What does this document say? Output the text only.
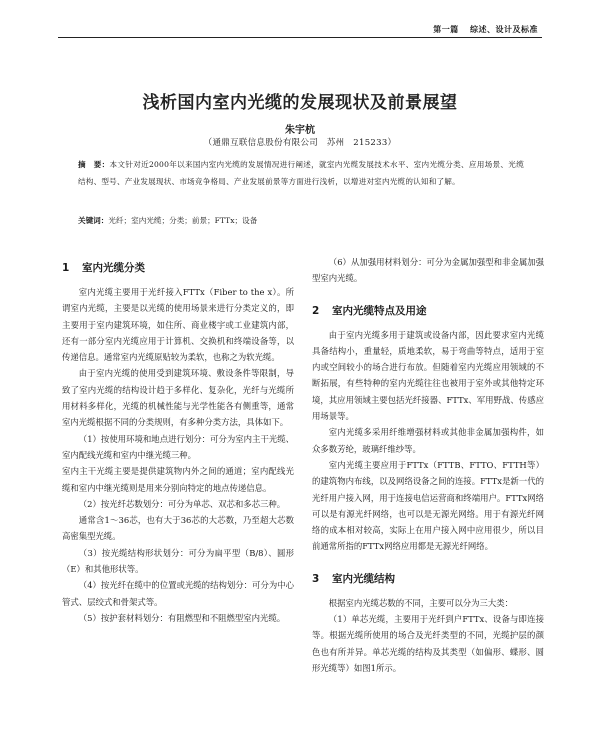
第一篇 综述、设计及标准
浅析国内室内光缆的发展现状及前景展望
朱宇杭
（通鼎互联信息股份有限公司　苏州　215233）
摘　要：本文针对近2000年以来国内室内光缆的发展情况进行阐述，就室内光缆发展技术水平、室内光缆分类、应用场景、光缆结构、型号、产业发展现状、市场竞争格局、产业发展前景等方面进行浅析，以增进对室内光缆的认知和了解。
关键词：光纤；室内光缆；分类；前景；FTTx；设备
1 室内光缆分类

室内光缆主要用于光纤接入FTTx（Fiber to the x）。所谓室内光缆，主要是以光缆的使用场景来进行分类定义的，即主要用于室内建筑环境，如住所、商业楼宇或工业建筑内部，还有一部分室内光缆应用于计算机、交换机和终端设备等，以传递信息。通常室内光缆原贴较为柔软，也称之为软光缆。

由于室内光缆的使用受到建筑环境、敷设条件等限制，导致了室内光缆的结构设计趋于多样化、复杂化，光纤与光缆所用材料多样化，光缆的机械性能与光学性能各有侧重等，通常室内光缆根据不同的分类规则，有多种分类方法，具体如下。

（1）按使用环境和地点进行划分：可分为室内主干光缆、室内配线光缆和室内中继光缆三种。

室内主干光缆主要是提供建筑物内外之间的通道；室内配线光缆和室内中继光缆则是用来分别向特定的地点传递信息。

（2）按光纤芯数划分：可分为单芯、双芯和多芯三种。

通常含1～36芯，也有大于36芯的大芯数，乃至超大芯数高密集型光缆。

（3）按光缆结构形状划分：可分为扁平型（B/8）、圆形（E）和其他形状等。

（4）按光纤在缆中的位置或光缆的结构划分：可分为中心管式、层绞式和骨架式等。

（5）按护套材料划分：有阻燃型和不阻燃型室内光缆。

（6）从加强用材料划分：可分为金属加强型和非金属加强型室内光缆。

2 室内光缆特点及用途

由于室内光缆多用于建筑或设备内部，因此要求室内光缆具备结构小，重量轻，质地柔软，易于弯曲等特点，适用于室内或空间较小的场合进行布放。但随着室内光缆应用领域的不断拓展，有些特种的室内光缆往往也被用于室外或其他特定环境，其应用领域主要包括光纤接器、FTTx、军用野战、传感应用场景等。

室内光缆多采用纤维增强材料或其他非金属加强构件，如众多数芳纶，玻璃纤维纱等。

室内光缆主要应用于FTTx（FTTB、FTTO、FTTH等）的建筑物内布线，以及网络设备之间的连接。FTTx是新一代的光纤用户接入网，用于连接电信运营商和终端用户。FTTx网络可以是有源光纤网络，也可以是无源光网络。用于有源光纤网络的成本相对较高，实际上在用户接入网中应用很少，所以目前通常所指的FTTx网络应用都是无源光纤网络。

3 室内光缆结构

根据室内光缆芯数的不同，主要可以分为三大类：

（1）单芯光缆，主要用于光纤到户FTTx、设备与即连接等。根据光缆所使用的场合及光纤类型的不同，光缆护层的颜色也有所并异。单芯光缆的结构及其类型（如偏形、蝶形、圆形光缆等）如图1所示。
